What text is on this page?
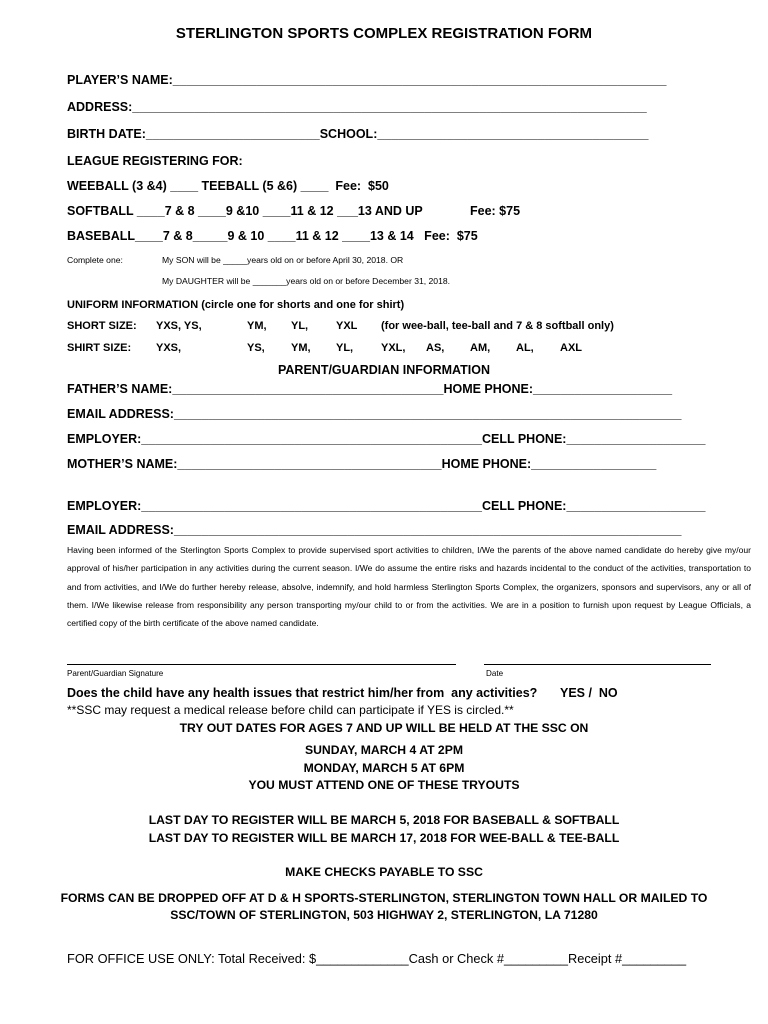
STERLINGTON SPORTS COMPLEX REGISTRATION FORM
PLAYER’S NAME:_______________________________________________________________________
ADDRESS:__________________________________________________________________________
BIRTH DATE:_________________________SCHOOL:_______________________________________
LEAGUE REGISTERING FOR:
WEEBALL (3 &4) ____ TEEBALL (5 &6) ____  Fee:  $50
SOFTBALL ____7 & 8 ____9 &10 ____11 & 12 ___13 AND UP	Fee: $75
BASEBALL____7 & 8_____9 & 10 ____11 & 12 ____13 & 14   Fee:  $75
Complete one:	My SON will be _____years old on or before April 30, 2018. OR
My DAUGHTER will be _______years old on or before December 31, 2018.
UNIFORM INFORMATION (circle one for shorts and one for shirt)
SHORT SIZE: YXS, YS,	YM, YL,	YXL (for wee-ball, tee-ball and 7 & 8 softball only)
SHIRT SIZE: YXS,	YS, YM, YL,	YXL, AS, AM, AL, AXL
PARENT/GUARDIAN INFORMATION
FATHER’S NAME:_______________________________________HOME PHONE:____________________
EMAIL ADDRESS:_________________________________________________________________________
EMPLOYER:_________________________________________________CELL PHONE:____________________
MOTHER’S NAME:______________________________________HOME PHONE:__________________
EMPLOYER:_________________________________________________CELL PHONE:____________________
EMAIL ADDRESS:_________________________________________________________________________
Having been informed of the Sterlington Sports Complex to provide supervised sport activities to children, I/We the parents of the above named candidate do hereby give my/our approval of his/her participation in any activities during the current season. I/We do assume the entire risks and hazards incidental to the conduct of the activities, transportation to and from activities, and I/We do further hereby release, absolve, indemnify, and hold harmless Sterlington Sports Complex, the organizers, sponsors and supervisors, any or all of them. I/We likewise release from responsibility any person transporting my/our child to or from the activities. We are in a position to furnish upon request by League Officials, a certified copy of the birth certificate of the above named candidate.
Parent/Guardian Signature	Date
Does the child have any health issues that restrict him/her from  any activities? YES /  NO
**SSC may request a medical release before child can participate if YES is circled.**
TRY OUT DATES FOR AGES 7 AND UP WILL BE HELD AT THE SSC ON
SUNDAY, MARCH 4 AT 2PM
MONDAY, MARCH 5 AT 6PM
YOU MUST ATTEND ONE OF THESE TRYOUTS
LAST DAY TO REGISTER WILL BE MARCH 5, 2018 FOR BASEBALL & SOFTBALL
LAST DAY TO REGISTER WILL BE MARCH 17, 2018 FOR WEE-BALL & TEE-BALL
MAKE CHECKS PAYABLE TO SSC
FORMS CAN BE DROPPED OFF AT D & H SPORTS-STERLINGTON, STERLINGTON TOWN HALL OR MAILED TO
SSC/TOWN OF STERLINGTON, 503 HIGHWAY 2, STERLINGTON, LA 71280
FOR OFFICE USE ONLY: Total Received: $_____________Cash or Check #_________Receipt #_________
